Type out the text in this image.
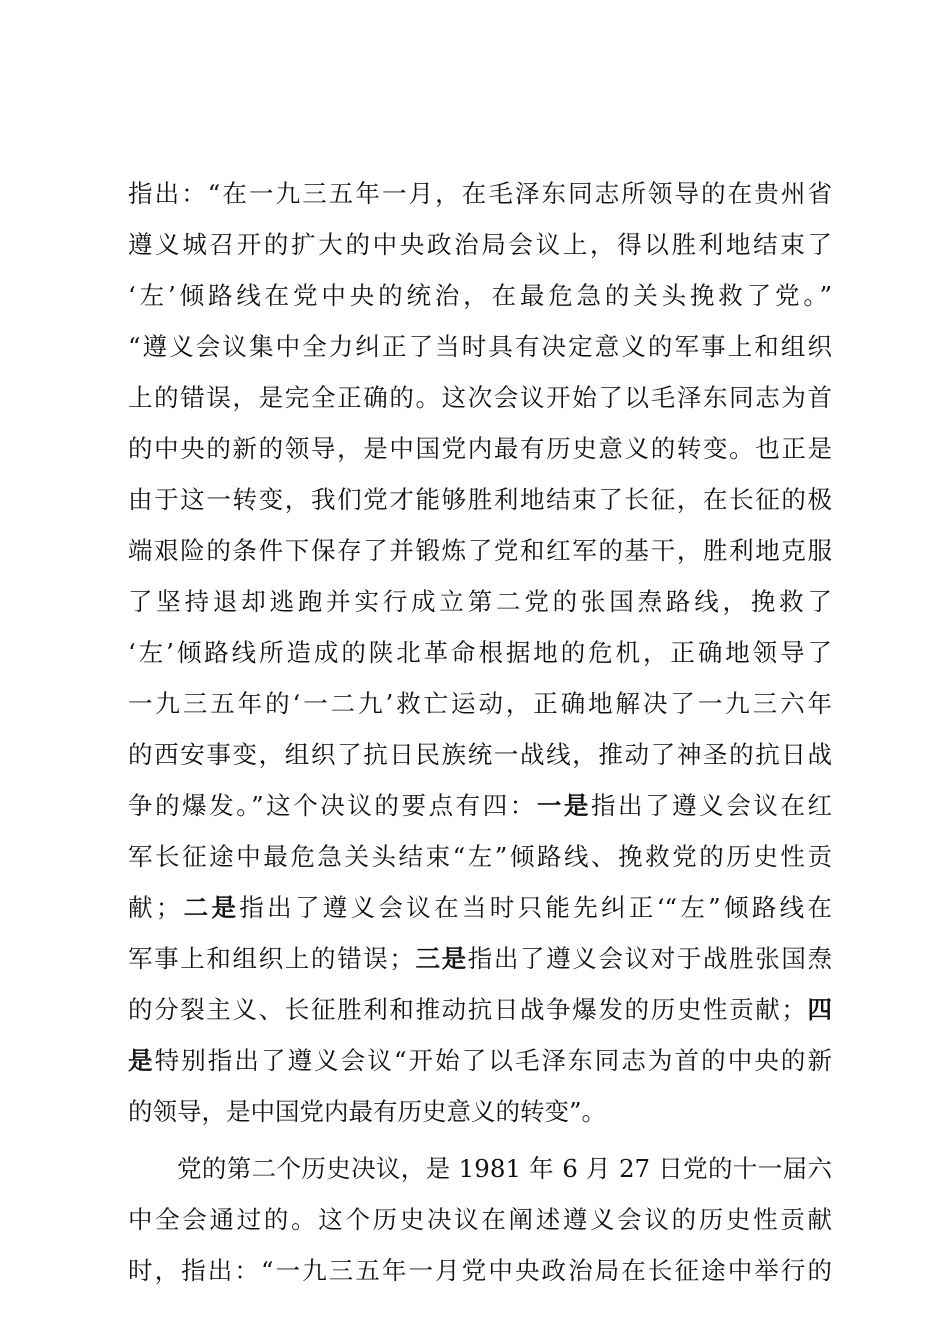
指出：“在一九三五年一月，在毛泽东同志所领导的在贵州省
遵义城召开的扩大的中央政治局会议上，得以胜利地结束了
‘左’倾路线在党中央的统治，在最危急的关头挽救了党。”
“遵义会议集中全力纠正了当时具有决定意义的军事上和组织
上的错误，是完全正确的。这次会议开始了以毛泽东同志为首
的中央的新的领导，是中国党内最有历史意义的转变。也正是
由于这一转变，我们党才能够胜利地结束了长征，在长征的极
端艰险的条件下保存了并锻炼了党和红军的基干，胜利地克服
了坚持退却逃跑并实行成立第二党的张国焘路线，挽救了
‘左’倾路线所造成的陕北革命根据地的危机，正确地领导了
一九三五年的‘一二九’救亡运动，正确地解决了一九三六年
的西安事变，组织了抗日民族统一战线，推动了神圣的抗日战
争的爆发。”这个决议的要点有四：一是指出了遵义会议在红
军长征途中最危急关头结束“左”倾路线、挽救党的历史性贡
献；二是指出了遵义会议在当时只能先纠正‘“左”倾路线在
军事上和组织上的错误；三是指出了遵义会议对于战胜张国焘
的分裂主义、长征胜利和推动抗日战争爆发的历史性贡献；四
是特别指出了遵义会议“开始了以毛泽东同志为首的中央的新
的领导，是中国党内最有历史意义的转变”。
党的第二个历史决议，是 1981 年 6 月 27 日党的十一届六
中全会通过的。这个历史决议在阐述遵义会议的历史性贡献
时，指出：“一九三五年一月党中央政治局在长征途中举行的
